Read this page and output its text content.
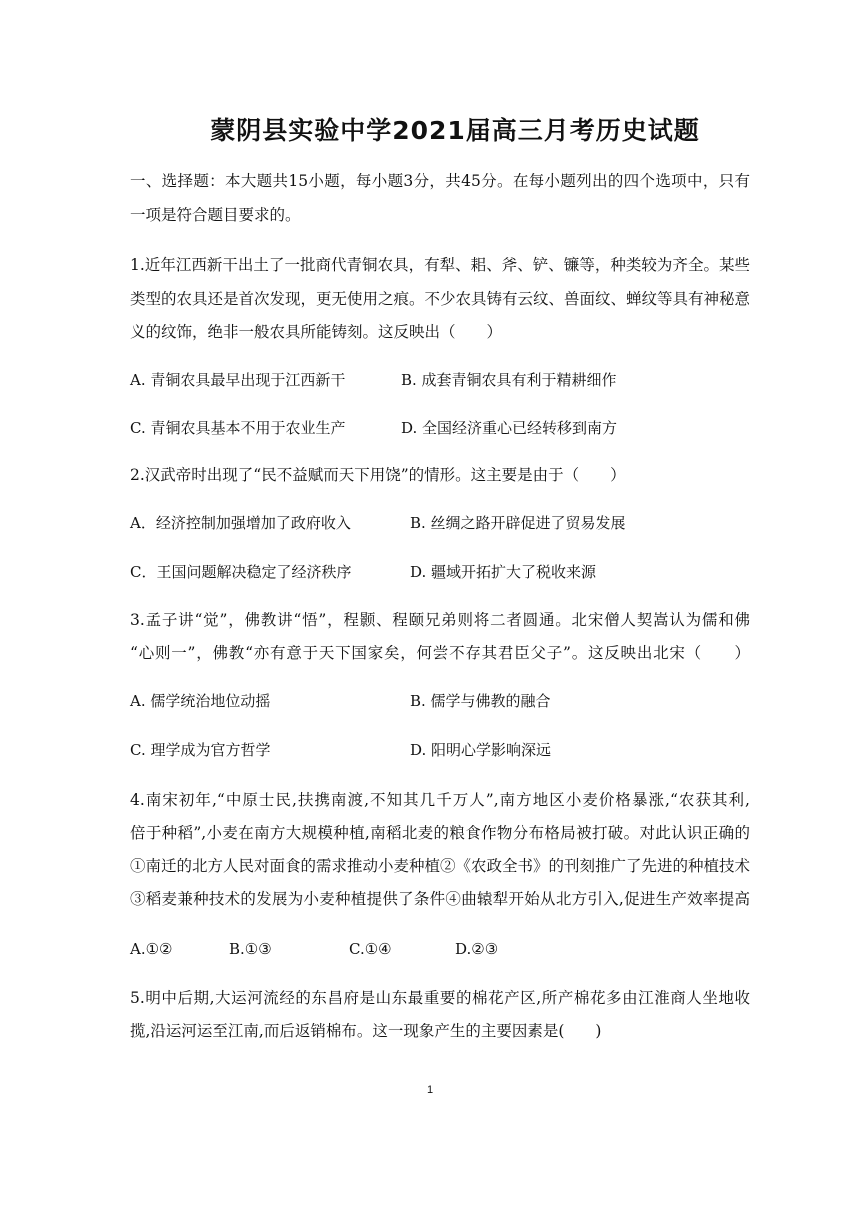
蒙阴县实验中学2021届高三月考历史试题
一、选择题：本大题共15小题，每小题3分，共45分。在每小题列出的四个选项中，只有
一项是符合题目要求的。
1.近年江西新干出土了一批商代青铜农具，有犁、耜、斧、铲、镰等，种类较为齐全。某些
类型的农具还是首次发现，更无使用之痕。不少农具铸有云纹、兽面纹、蝉纹等具有神秘意
义的纹饰，绝非一般农具所能铸刻。这反映出（　　）
A. 青铜农具最早出现于江西新干	B. 成套青铜农具有利于精耕细作
C. 青铜农具基本不用于农业生产	D. 全国经济重心已经转移到南方
2.汉武帝时出现了“民不益赋而天下用饶”的情形。这主要是由于（　　）
A．经济控制加强增加了政府收入	B. 丝绸之路开辟促进了贸易发展
C．王国问题解决稳定了经济秩序	D. 疆域开拓扩大了税收来源
3.孟子讲“觉”，佛教讲“悟”，程颢、程颐兄弟则将二者圆通。北宋僧人契嵩认为儒和佛
“心则一”，佛教“亦有意于天下国家矣，何尝不存其君臣父子”。这反映出北宋（　　）
A. 儒学统治地位动摇	B. 儒学与佛教的融合
C. 理学成为官方哲学	D. 阳明心学影响深远
4.南宋初年,“中原士民,扶携南渡,不知其几千万人”,南方地区小麦价格暴涨,“农获其利,
倍于种稻”,小麦在南方大规模种植,南稻北麦的粮食作物分布格局被打破。对此认识正确的
①南迁的北方人民对面食的需求推动小麦种植②《农政全书》的刊刻推广了先进的种植技术
③稻麦兼种技术的发展为小麦种植提供了条件④曲辕犁开始从北方引入,促进生产效率提高
A.①②	B.①③	C.①④	D.②③
5.明中后期,大运河流经的东昌府是山东最重要的棉花产区,所产棉花多由江淮商人坐地收
揽,沿运河运至江南,而后返销棉布。这一现象产生的主要因素是(　　)
1
